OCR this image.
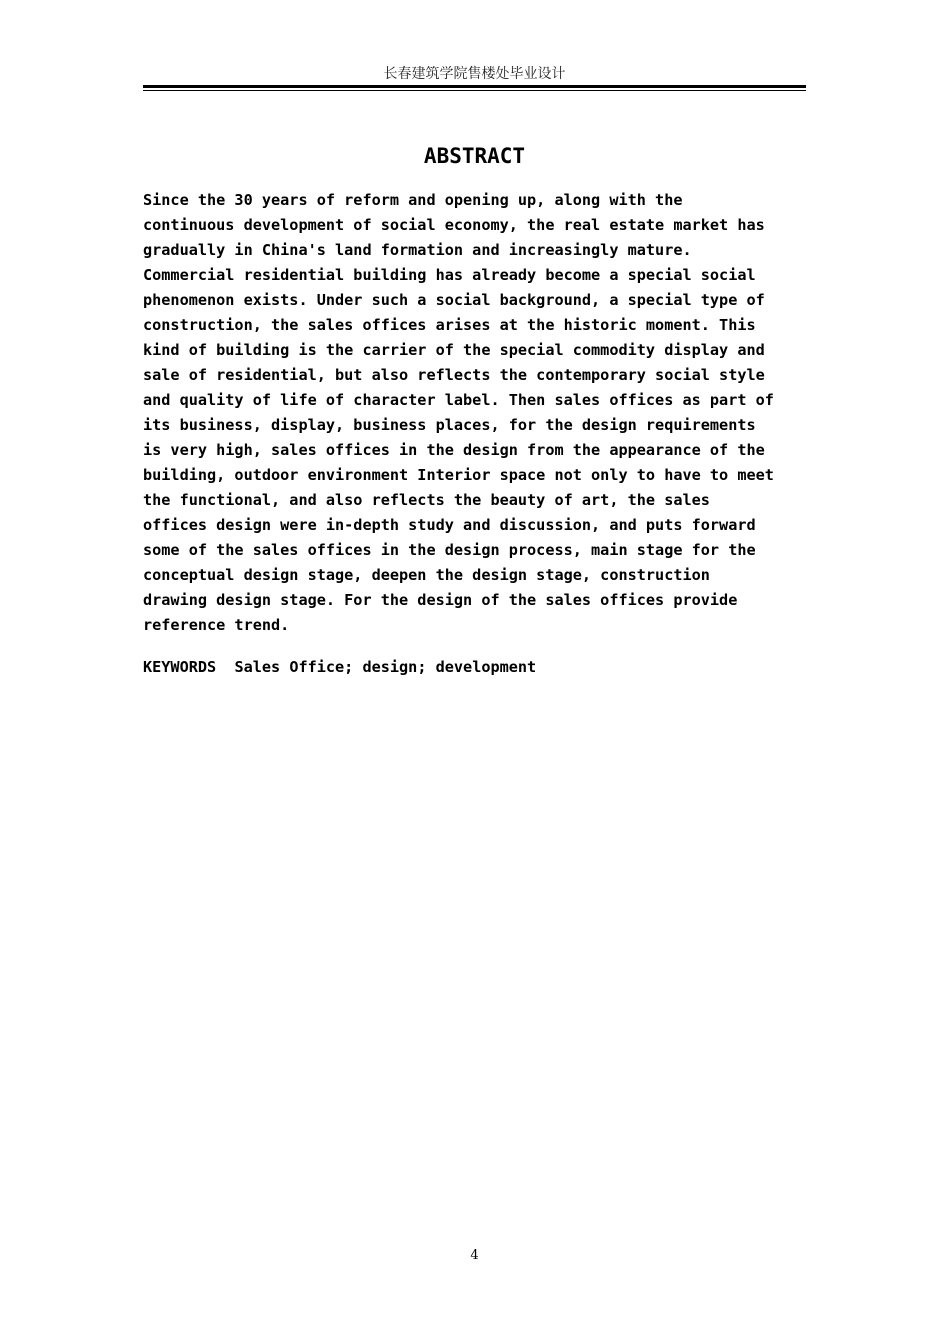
长春建筑学院售楼处毕业设计
ABSTRACT

Since the 30 years of reform and opening up, along with the
continuous development of social economy, the real estate market has
gradually in China's land formation and increasingly mature.
Commercial residential building has already become a special social
phenomenon exists. Under such a social background, a special type of
construction, the sales offices arises at the historic moment. This
kind of building is the carrier of the special commodity display and
sale of residential, but also reflects the contemporary social style
and quality of life of character label. Then sales offices as part of
its business, display, business places, for the design requirements
is very high, sales offices in the design from the appearance of the
building, outdoor environment Interior space not only to have to meet
the functional, and also reflects the beauty of art, the sales
offices design were in-depth study and discussion, and puts forward
some of the sales offices in the design process, main stage for the
conceptual design stage, deepen the design stage, construction
drawing design stage. For the design of the sales offices provide
reference trend.

KEYWORDS Sales Office; design; development

4
